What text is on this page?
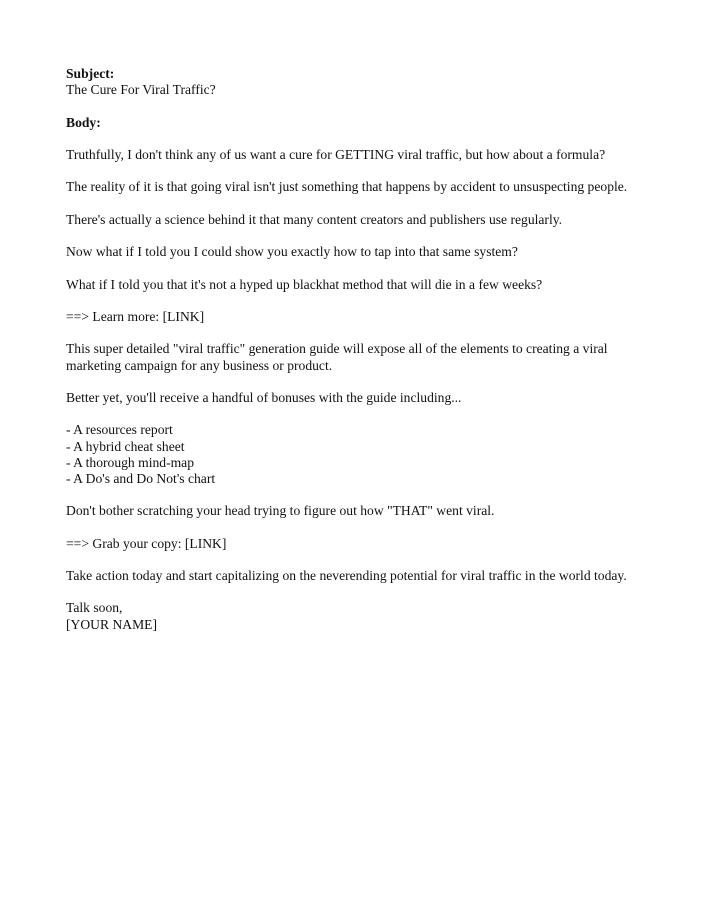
Subject:

The Cure For Viral Traffic?

Body:

Truthfully, I don't think any of us want a cure for GETTING viral traffic, but how about a formula?

The reality of it is that going viral isn't just something that happens by accident to unsuspecting people.

There's actually a science behind it that many content creators and publishers use regularly.

Now what if I told you I could show you exactly how to tap into that same system?

What if I told you that it's not a hyped up blackhat method that will die in a few weeks?

==> Learn more: [LINK]

This super detailed "viral traffic" generation guide will expose all of the elements to creating a viral marketing campaign for any business or product.

Better yet, you'll receive a handful of bonuses with the guide including...

- A resources report
- A hybrid cheat sheet
- A thorough mind-map
- A Do's and Do Not's chart

Don't bother scratching your head trying to figure out how "THAT" went viral.

==> Grab your copy: [LINK]

Take action today and start capitalizing on the neverending potential for viral traffic in the world today.

Talk soon,

[YOUR NAME]
